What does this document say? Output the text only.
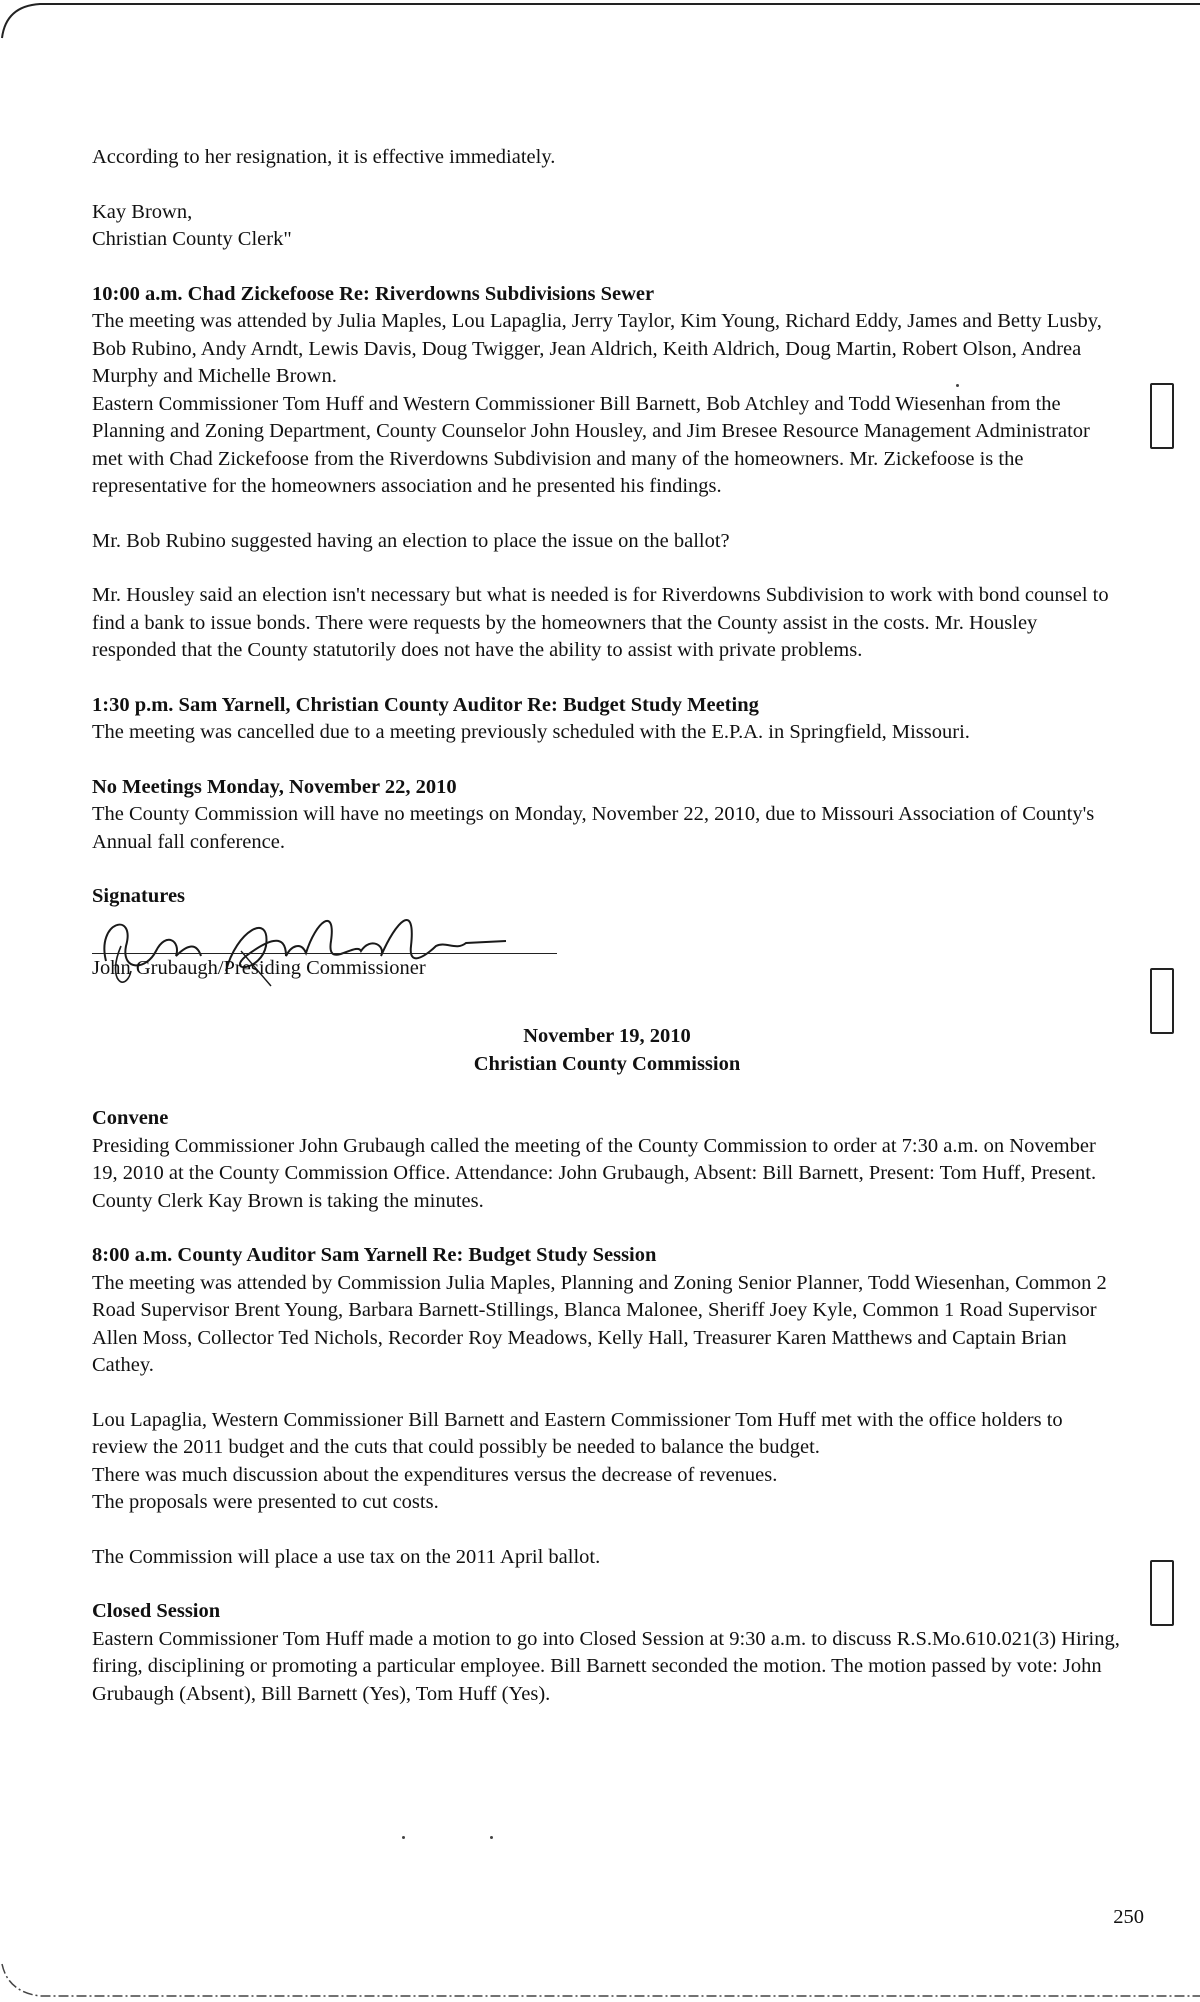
According to her resignation, it is effective immediately.

Kay Brown,
Christian County Clerk"

10:00 a.m. Chad Zickefoose Re: Riverdowns Subdivisions Sewer
The meeting was attended by Julia Maples, Lou Lapaglia, Jerry Taylor, Kim Young, Richard Eddy, James and Betty Lusby, Bob Rubino, Andy Arndt, Lewis Davis, Doug Twigger, Jean Aldrich, Keith Aldrich, Doug Martin, Robert Olson, Andrea Murphy and Michelle Brown.

Eastern Commissioner Tom Huff and Western Commissioner Bill Barnett, Bob Atchley and Todd Wiesenhan from the Planning and Zoning Department, County Counselor John Housley, and Jim Bresee Resource Management Administrator met with Chad Zickefoose from the Riverdowns Subdivision and many of the homeowners. Mr. Zickefoose is the representative for the homeowners association and he presented his findings.

Mr. Bob Rubino suggested having an election to place the issue on the ballot?

Mr. Housley said an election isn't necessary but what is needed is for Riverdowns Subdivision to work with bond counsel to find a bank to issue bonds. There were requests by the homeowners that the County assist in the costs. Mr. Housley responded that the County statutorily does not have the ability to assist with private problems.

1:30 p.m. Sam Yarnell, Christian County Auditor Re: Budget Study Meeting
The meeting was cancelled due to a meeting previously scheduled with the E.P.A. in Springfield, Missouri.

No Meetings Monday, November 22, 2010
The County Commission will have no meetings on Monday, November 22, 2010, due to Missouri Association of County's Annual fall conference.

Signatures
John Grubaugh/Presiding Commissioner

November 19, 2010
Christian County Commission

Convene
Presiding Commissioner John Grubaugh called the meeting of the County Commission to order at 7:30 a.m. on November 19, 2010 at the County Commission Office. Attendance: John Grubaugh, Absent: Bill Barnett, Present: Tom Huff, Present. County Clerk Kay Brown is taking the minutes.

8:00 a.m. County Auditor Sam Yarnell Re: Budget Study Session
The meeting was attended by Commission Julia Maples, Planning and Zoning Senior Planner, Todd Wiesenhan, Common 2 Road Supervisor Brent Young, Barbara Barnett-Stillings, Blanca Malonee, Sheriff Joey Kyle, Common 1 Road Supervisor Allen Moss, Collector Ted Nichols, Recorder Roy Meadows, Kelly Hall, Treasurer Karen Matthews and Captain Brian Cathey.

Lou Lapaglia, Western Commissioner Bill Barnett and Eastern Commissioner Tom Huff met with the office holders to review the 2011 budget and the cuts that could possibly be needed to balance the budget.
There was much discussion about the expenditures versus the decrease of revenues.
The proposals were presented to cut costs.

The Commission will place a use tax on the 2011 April ballot.

Closed Session
Eastern Commissioner Tom Huff made a motion to go into Closed Session at 9:30 a.m. to discuss R.S.Mo.610.021(3) Hiring, firing, disciplining or promoting a particular employee. Bill Barnett seconded the motion. The motion passed by vote: John Grubaugh (Absent), Bill Barnett (Yes), Tom Huff (Yes).

250
